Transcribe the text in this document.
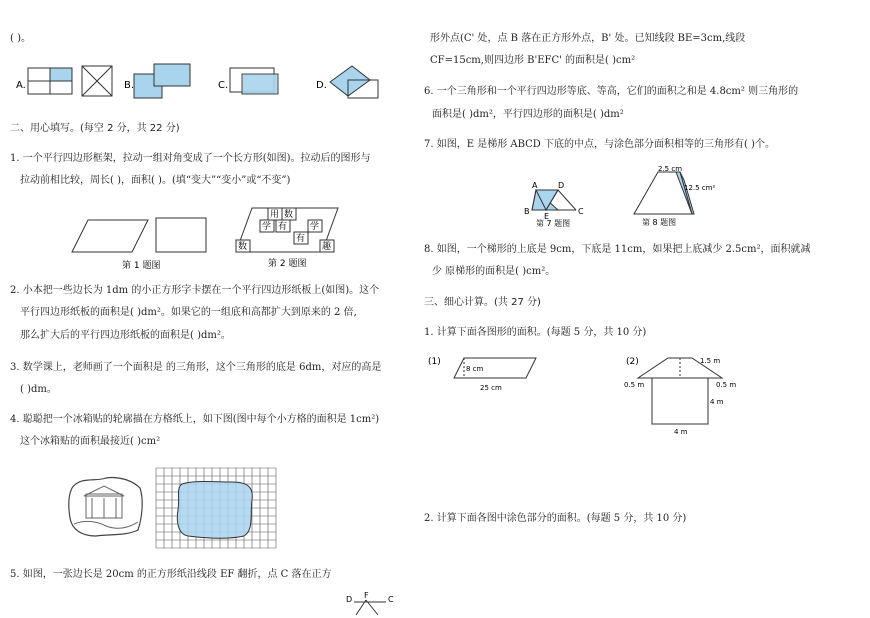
( )。
A.	B.	C.	D.
二、用心填写。(每空 2 分，共 22 分)
1. 一个平行四边形框架，拉动一组对角变成了一个长方形(如图)。拉动后的图形与
拉动前相比较，周长( )，面积( )。(填“变大”“变小”或“不变”)
第 1 题图
用 数
学 有	学
有
数	趣
第 2 题图
2. 小本把一些边长为 1dm 的小正方形字卡摆在一个平行四边形纸板上(如图)。这个
平行四边形纸板的面积是( )dm²。如果它的一组底和高都扩大到原来的 2 倍,
那么扩大后的平行四边形纸板的面积是( )dm²。
3. 数学课上，老师画了一个面积是 的三角形，这个三角形的底是 6dm，对应的高是
( )dm。
4. 聪聪把一个冰箱贴的轮廓描在方格纸上，如下图(图中每个小方格的面积是 1cm²)
这个冰箱贴的面积最接近( )cm²
5. 如图，一张边长是 20cm 的正方形纸沿线段 EF 翻折，点 C 落在正方
D F C
形外点(C' 处，点 B 落在正方形外点，B' 处。已知线段 BE=3cm,线段
CF=15cm,则四边形 B'EFC' 的面积是( )cm²
6. 一个三角形和一个平行四边形等底、等高，它们的面积之和是 4.8cm² 则三角形的
面积是( )dm²，平行四边形的面积是( )dm²
7. 如图，E 是梯形 ABCD 下底的中点，与涂色部分面积相等的三角形有( )个。
A	D
B
E
C
第 7 题图
2.5 cm
12.5 cm²
第 8 题图
8. 如图，一个梯形的上底是 9cm，下底是 11cm，如果把上底减少 2.5cm²，面积就减
少 原梯形的面积是( )cm²。
三、细心计算。(共 27 分)
1. 计算下面各图形的面积。(每题 5 分，共 10 分)
(1)
8 cm
25 cm
(2)	1.5 m
0.5 m	0.5 m
4 m
4 m
2. 计算下面各图中涂色部分的面积。(每题 5 分，共 10 分)
